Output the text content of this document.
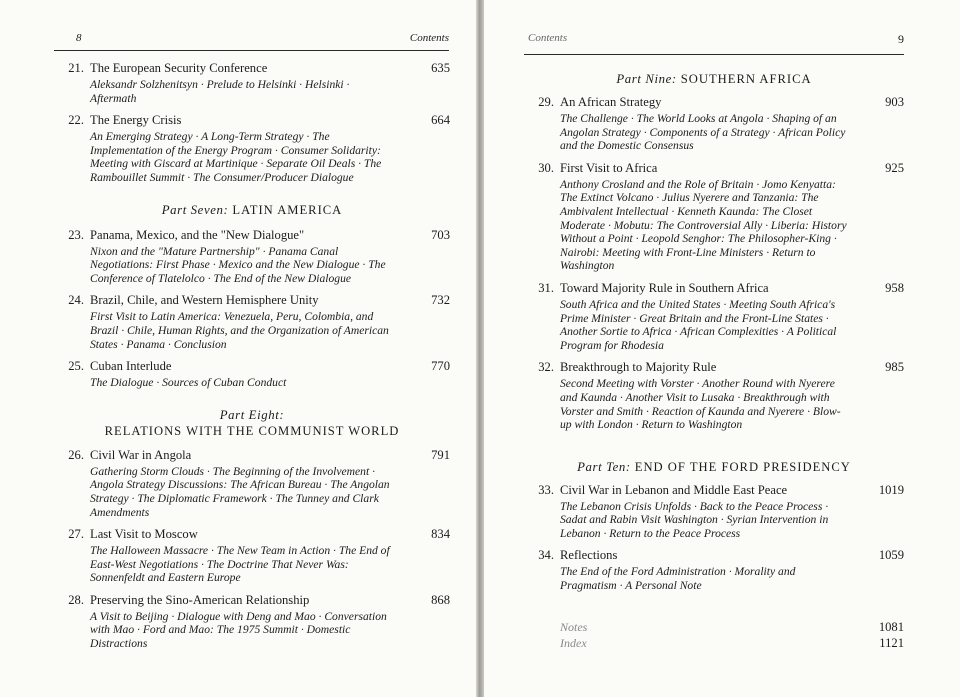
8	Contents
21. The European Security Conference	635
Aleksandr Solzhenitsyn · Prelude to Helsinki · Helsinki · Aftermath
22. The Energy Crisis	664
An Emerging Strategy · A Long-Term Strategy · The Implementation of the Energy Program · Consumer Solidarity: Meeting with Giscard at Martinique · Separate Oil Deals · The Rambouillet Summit · The Consumer/Producer Dialogue
Part Seven: LATIN AMERICA
23. Panama, Mexico, and the "New Dialogue"	703
Nixon and the "Mature Partnership" · Panama Canal Negotiations: First Phase · Mexico and the New Dialogue · The Conference of Tlatelolco · The End of the New Dialogue
24. Brazil, Chile, and Western Hemisphere Unity	732
First Visit to Latin America: Venezuela, Peru, Colombia, and Brazil · Chile, Human Rights, and the Organization of American States · Panama · Conclusion
25. Cuban Interlude	770
The Dialogue · Sources of Cuban Conduct
Part Eight:
RELATIONS WITH THE COMMUNIST WORLD
26. Civil War in Angola	791
Gathering Storm Clouds · The Beginning of the Involvement · Angola Strategy Discussions: The African Bureau · The Angolan Strategy · The Diplomatic Framework · The Tunney and Clark Amendments
27. Last Visit to Moscow	834
The Halloween Massacre · The New Team in Action · The End of East-West Negotiations · The Doctrine That Never Was: Sonnenfeldt and Eastern Europe
28. Preserving the Sino-American Relationship	868
A Visit to Beijing · Dialogue with Deng and Mao · Conversation with Mao · Ford and Mao: The 1975 Summit · Domestic Distractions
Contents	9
Part Nine: SOUTHERN AFRICA
29. An African Strategy	903
The Challenge · The World Looks at Angola · Shaping of an Angolan Strategy · Components of a Strategy · African Policy and the Domestic Consensus
30. First Visit to Africa	925
Anthony Crosland and the Role of Britain · Jomo Kenyatta: The Extinct Volcano · Julius Nyerere and Tanzania: The Ambivalent Intellectual · Kenneth Kaunda: The Closet Moderate · Mobutu: The Controversial Ally · Liberia: History Without a Point · Leopold Senghor: The Philosopher-King · Nairobi: Meeting with Front-Line Ministers · Return to Washington
31. Toward Majority Rule in Southern Africa	958
South Africa and the United States · Meeting South Africa's Prime Minister · Great Britain and the Front-Line States · Another Sortie to Africa · African Complexities · A Political Program for Rhodesia
32. Breakthrough to Majority Rule	985
Second Meeting with Vorster · Another Round with Nyerere and Kaunda · Another Visit to Lusaka · Breakthrough with Vorster and Smith · Reaction of Kaunda and Nyerere · Blow-up with London · Return to Washington
Part Ten: END OF THE FORD PRESIDENCY
33. Civil War in Lebanon and Middle East Peace	1019
The Lebanon Crisis Unfolds · Back to the Peace Process · Sadat and Rabin Visit Washington · Syrian Intervention in Lebanon · Return to the Peace Process
34. Reflections	1059
The End of the Ford Administration · Morality and Pragmatism · A Personal Note
Notes	1081
Index	1121
